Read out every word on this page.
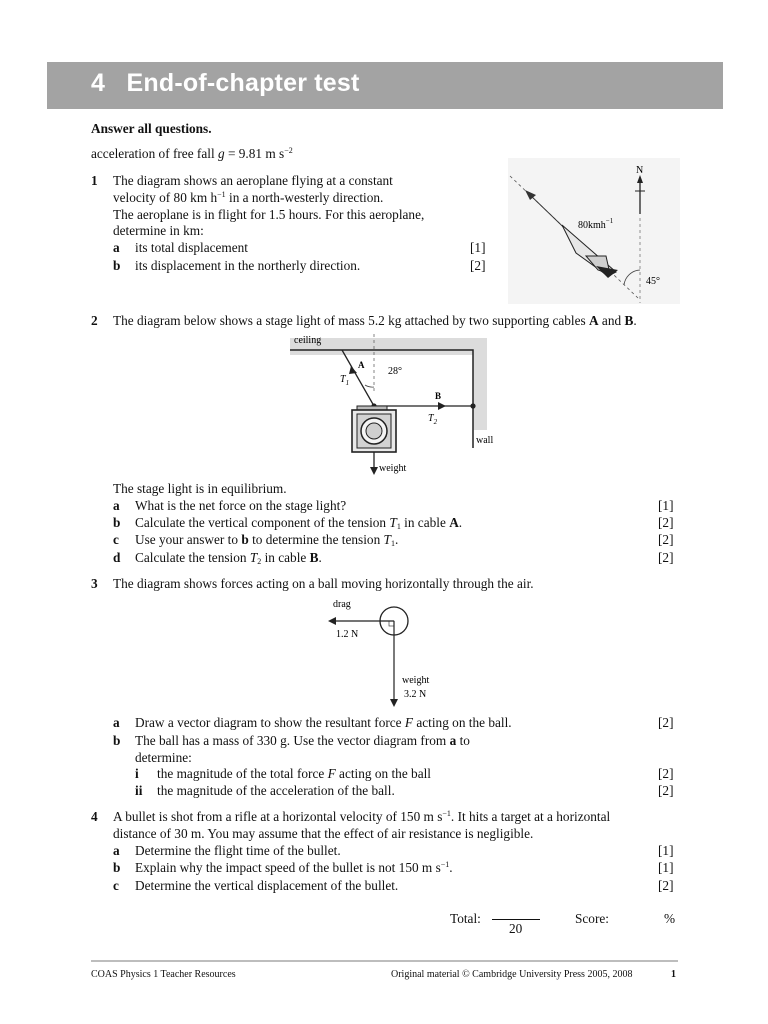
4 End-of-chapter test
Answer all questions.
acceleration of free fall g = 9.81 m $s^{-2}$
1 The diagram shows an aeroplane flying at a constant
velocity of 80 km $h^{-1}$ in a north-westerly direction.
The aeroplane is in flight for 1.5 hours. For this aeroplane,
determine in km:
a its total displacement	[1]
b its displacement in the northerly direction.	[2]
N
80kmh$^{-1}$
45°
2 The diagram below shows a stage light of mass 5.2 kg attached by two supporting cables A and B.
ceiling
wall
28°
A
$T_1$
B
$T_2$
weight
The stage light is in equilibrium.
a What is the net force on the stage light?	[1]
b Calculate the vertical component of the tension $T_1$ in cable A.	[2]
c Use your answer to b to determine the tension $T_1$.	[2]
d Calculate the tension $T_2$ in cable B.	[2]
3 The diagram shows forces acting on a ball moving horizontally through the air.
drag
1.2 N
weight
3.2 N
a Draw a vector diagram to show the resultant force F acting on the ball.	[2]
b The ball has a mass of 330 g. Use the vector diagram from a to
determine:
i the magnitude of the total force F acting on the ball	[2]
ii the magnitude of the acceleration of the ball.	[2]
4 A bullet is shot from a rifle at a horizontal velocity of 150 m $s^{-1}$. It hits a target at a horizontal
distance of 30 m. You may assume that the effect of air resistance is negligible.
a Determine the flight time of the bullet.	[1]
b Explain why the impact speed of the bullet is not 150 m $s^{-1}$.	[1]
c Determine the vertical displacement of the bullet.	[2]
Total:
20
Score:	%
COAS Physics 1 Teacher Resources	Original material © Cambridge University Press 2005, 2008	1
